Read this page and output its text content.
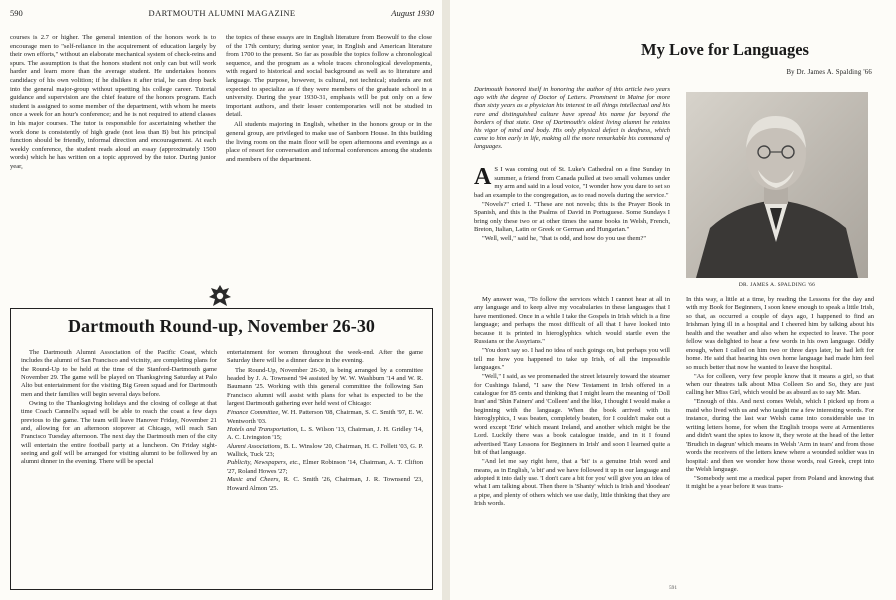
590	DARTMOUTH ALUMNI MAGAZINE	August 1930

courses is 2.7 or higher. The general intention of the honors work is to encourage men to "self-reliance in the acquirement of education largely by their own efforts," without an elaborate mechanical system of check-reins and spurs. The assumption is that the honors student not only can but will work harder and learn more than the average student. He undertakes honors candidacy of his own volition; if he dislikes it after trial, he can drop back into the general major-group without upsetting his college career. Tutorial guidance and supervision are the chief feature of the honors program. Each student is assigned to some member of the department, with whom he meets once a week for an hour's conference; and he is not required to attend classes in his major courses. The tutor is responsible for ascertaining whether the work done is consistently of high grade (not less than B) but his principal function should be friendly, informal direction and encouragement. At each weekly conference, the student reads aloud an essay (approximately 1500 words) which he has written on a topic approved by the tutor. During junior year,

the topics of these essays are in English literature from Beowulf to the close of the 17th century; during senior year, in English and American literature from 1700 to the present. So far as possible the topics follow a chronological sequence, and the program as a whole traces chronological developments, with regard to historical and social background as well as to literature and language. The purpose, however, is cultural, not technical; students are not expected to specialize as if they were members of the graduate school in a university. During the year 1930-31, emphasis will be put only on a few important authors, and their lesser contemporaries will not be studied in detail.

All students majoring in English, whether in the honors group or in the general group, are privileged to make use of Sanborn House. In this building the living room on the main floor will be open afternoons and evenings as a place of resort for conversation and informal conferences among the students and members of the department.

Dartmouth Round-up, November 26-30

The Dartmouth Alumni Association of the Pacific Coast, which includes the alumni of San Francisco and vicinity, are completing plans for the Round-Up to be held at the time of the Stanford-Dartmouth game November 29. The game will be played on Thanksgiving Saturday at Palo Alto but entertainment for the visiting Big Green squad and for Dartmouth men and their families will begin several days before.

Owing to the Thanksgiving holidays and the closing of college at that time Coach Cannell's squad will be able to reach the coast a few days previous to the game. The team will leave Hanover Friday, November 21 and, allowing for an afternoon stopover at Chicago, will reach San Francisco Tuesday afternoon. The next day the Dartmouth men of the city will entertain the entire football party at a luncheon. On Friday sight-seeing and golf will be arranged for visiting alumni to be followed by an alumni dinner in the evening. There will be special

entertainment for women throughout the week-end. After the game Saturday there will be a dinner dance in the evening.

The Round-Up, November 26-30, is being arranged by a committee headed by J. A. Townsend '94 assisted by W. W. Washburn '14 and W. R. Baumann '25. Working with this general committee the following San Francisco alumni will assist with plans for what is expected to be the largest Dartmouth gathering ever held west of Chicago:

Finance Committee, W. H. Patterson '08, Chairman, S. C. Smith '97, E. W. Wentworth '03.
Hotels and Transportation, L. S. Wilson '13, Chairman, J. H. Gridley '14, A. C. Livingston '15;
Alumni Associations, B. L. Winslow '20, Chairman, H. C. Follett '03, G. P. Wallick, Tuck '23;
Publicity, Newspapers, etc., Elmer Robinson '14, Chairman, A. T. Clifton '27, Roland Howes '27;
Music and Cheers, R. C. Smith '26, Chairman, J. R. Townsend '23, Howard Almon '25.
My Love for Languages
By Dr. James A. Spalding '66
Dartmouth honored itself in honoring the author of this article two years ago with the degree of Doctor of Letters. Prominent in Maine for more than sixty years as a physician his interest in all things intellectual and his rare and distinguished culture have spread his name far beyond the borders of that state. One of Dartmouth's oldest living alumni he retains his vigor of mind and body. His only physical defect is deafness, which came to him early in life, making all the more remarkable his command of languages.
DR. JAMES A. SPALDING '66

A S I was coming out of St. Luke's Cathedral on a fine Sunday in summer, a friend from Canada pulled at two small volumes under my arm and said in a loud voice, "I wonder how you dare to set so bad an example to the congregation, as to read novels during the service."

"Novels?" cried I. "These are not novels; this is the Prayer Book in Spanish, and this is the Psalms of David in Portuguese. Some Sundays I bring only these two or at other times the same books in Welsh, French, Breton, Italian, Latin or Greek or German and Hungarian."

"Well, well," said he, "that is odd, and how do you use them?"

My answer was, "To follow the services which I cannot hear at all in any language and to keep alive my vocabularies in these languages that I have mentioned. Once in a while I take the Gospels in Irish which is a fine language; and perhaps the most difficult of all that I have looked into because it is printed in hieroglyphics which would startle even the Russians or the Assyrians."

"You don't say so. I had no idea of such goings on, but perhaps you will tell me how you happened to take up Irish, of all the impossible languages."

"Well," I said, as we promenaded the street leisurely toward the steamer for Cushings Island, "I saw the New Testament in Irish offered in a catalogue for 85 cents and thinking that I might learn the meaning of 'Doll Iran' and 'Shin Fainers' and 'Colleen' and the like, I thought I would make a beginning with the language. When the book arrived with its hieroglyphics, I was beaten, completely beaten, for I couldn't make out a word except 'Erie' which meant Ireland, and another which might be the Lord. Luckily there was a book catalogue inside, and in it I found advertised 'Easy Lessons for Beginners in Irish' and soon I learned quite a bit of that language.

"And let me say right here, that a 'bit' is a genuine Irish word and means, as in English, 'a bit' and we have followed it up in our language and adopted it into daily use. 'I don't care a bit for you' will give you an idea of what I am talking about. Then there is 'Shanty' which is Irish and 'doodean' a pipe, and plenty of others which we use daily, little thinking that they are Irish words.

In this way, a little at a time, by reading the Lessons for the day and with my Book for Beginners, I soon knew enough to speak a little Irish, so that, as occurred a couple of days ago, I happened to find an Irishman lying ill in a hospital and I cheered him by talking about his health and the weather and also when he expected to leave. The poor fellow was delighted to hear a few words in his own language. Oddly enough, when I called on him two or three days later, he had left for home. He said that hearing his own home language had made him feel so much better that now he wanted to leave the hospital.

"As for colleen, very few people know that it means a girl, so that when our theatres talk about Miss Colleen So and So, they are just calling her Miss Girl, which would be as absurd as to say Mr. Man.

"Enough of this. And next comes Welsh, which I picked up from a maid who lived with us and who taught me a few interesting words. For instance, during the last war Welsh came into considerable use in writing letters home, for when the English troops were at Armentieres and didn't want the spies to know it, they wrote at the head of the letter 'Brudich in dagrun' which means in Welsh 'Arm in tears' and from those words the receivers of the letters knew where a wounded soldier was in hospital: and then we wonder how those words, real Greek, crept into the Welsh language.

"Somebody sent me a medical paper from Poland and knowing that it might be a year before it was trans-

591
